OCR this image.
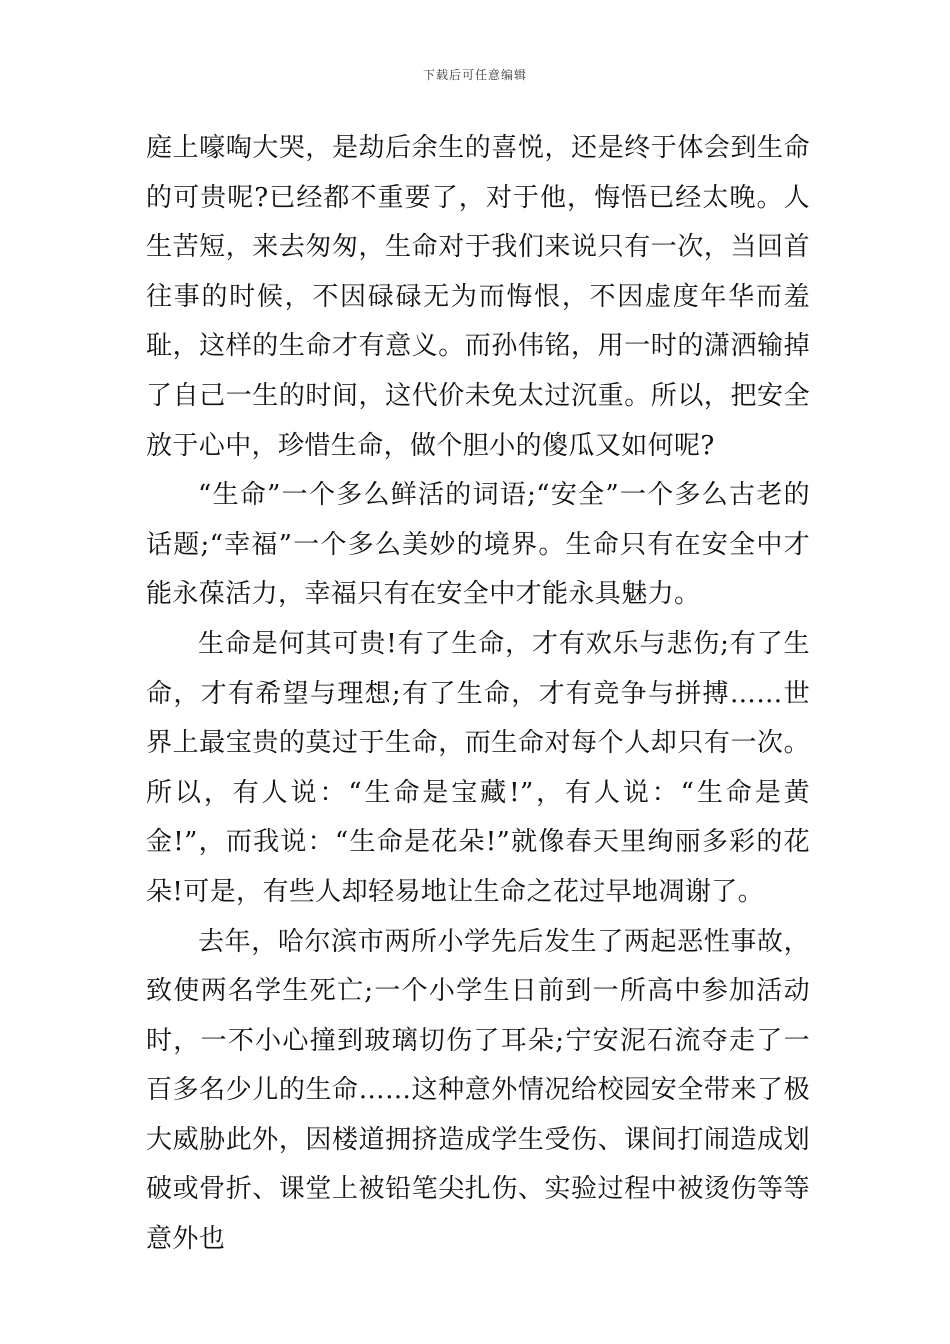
下载后可任意编辑

庭上嚎啕大哭，是劫后余生的喜悦，还是终于体会到生命的可贵呢?已经都不重要了，对于他，悔悟已经太晚。人生苦短，来去匆匆，生命对于我们来说只有一次，当回首往事的时候，不因碌碌无为而悔恨，不因虚度年华而羞耻，这样的生命才有意义。而孙伟铭，用一时的潇洒输掉了自己一生的时间，这代价未免太过沉重。所以，把安全放于心中，珍惜生命，做个胆小的傻瓜又如何呢?

“生命”一个多么鲜活的词语;“安全”一个多么古老的话题;“幸福”一个多么美妙的境界。生命只有在安全中才能永葆活力，幸福只有在安全中才能永具魅力。

生命是何其可贵!有了生命，才有欢乐与悲伤;有了生命，才有希望与理想;有了生命，才有竞争与拼搏……世界上最宝贵的莫过于生命，而生命对每个人却只有一次。所以，有人说：“生命是宝藏!”，有人说：“生命是黄金!”，而我说：“生命是花朵!”就像春天里绚丽多彩的花朵!可是，有些人却轻易地让生命之花过早地凋谢了。

去年，哈尔滨市两所小学先后发生了两起恶性事故，致使两名学生死亡;一个小学生日前到一所高中参加活动时，一不小心撞到玻璃切伤了耳朵;宁安泥石流夺走了一百多名少儿的生命……这种意外情况给校园安全带来了极大威胁此外，因楼道拥挤造成学生受伤、课间打闹造成划破或骨折、课堂上被铅笔尖扎伤、实验过程中被烫伤等等意外也
